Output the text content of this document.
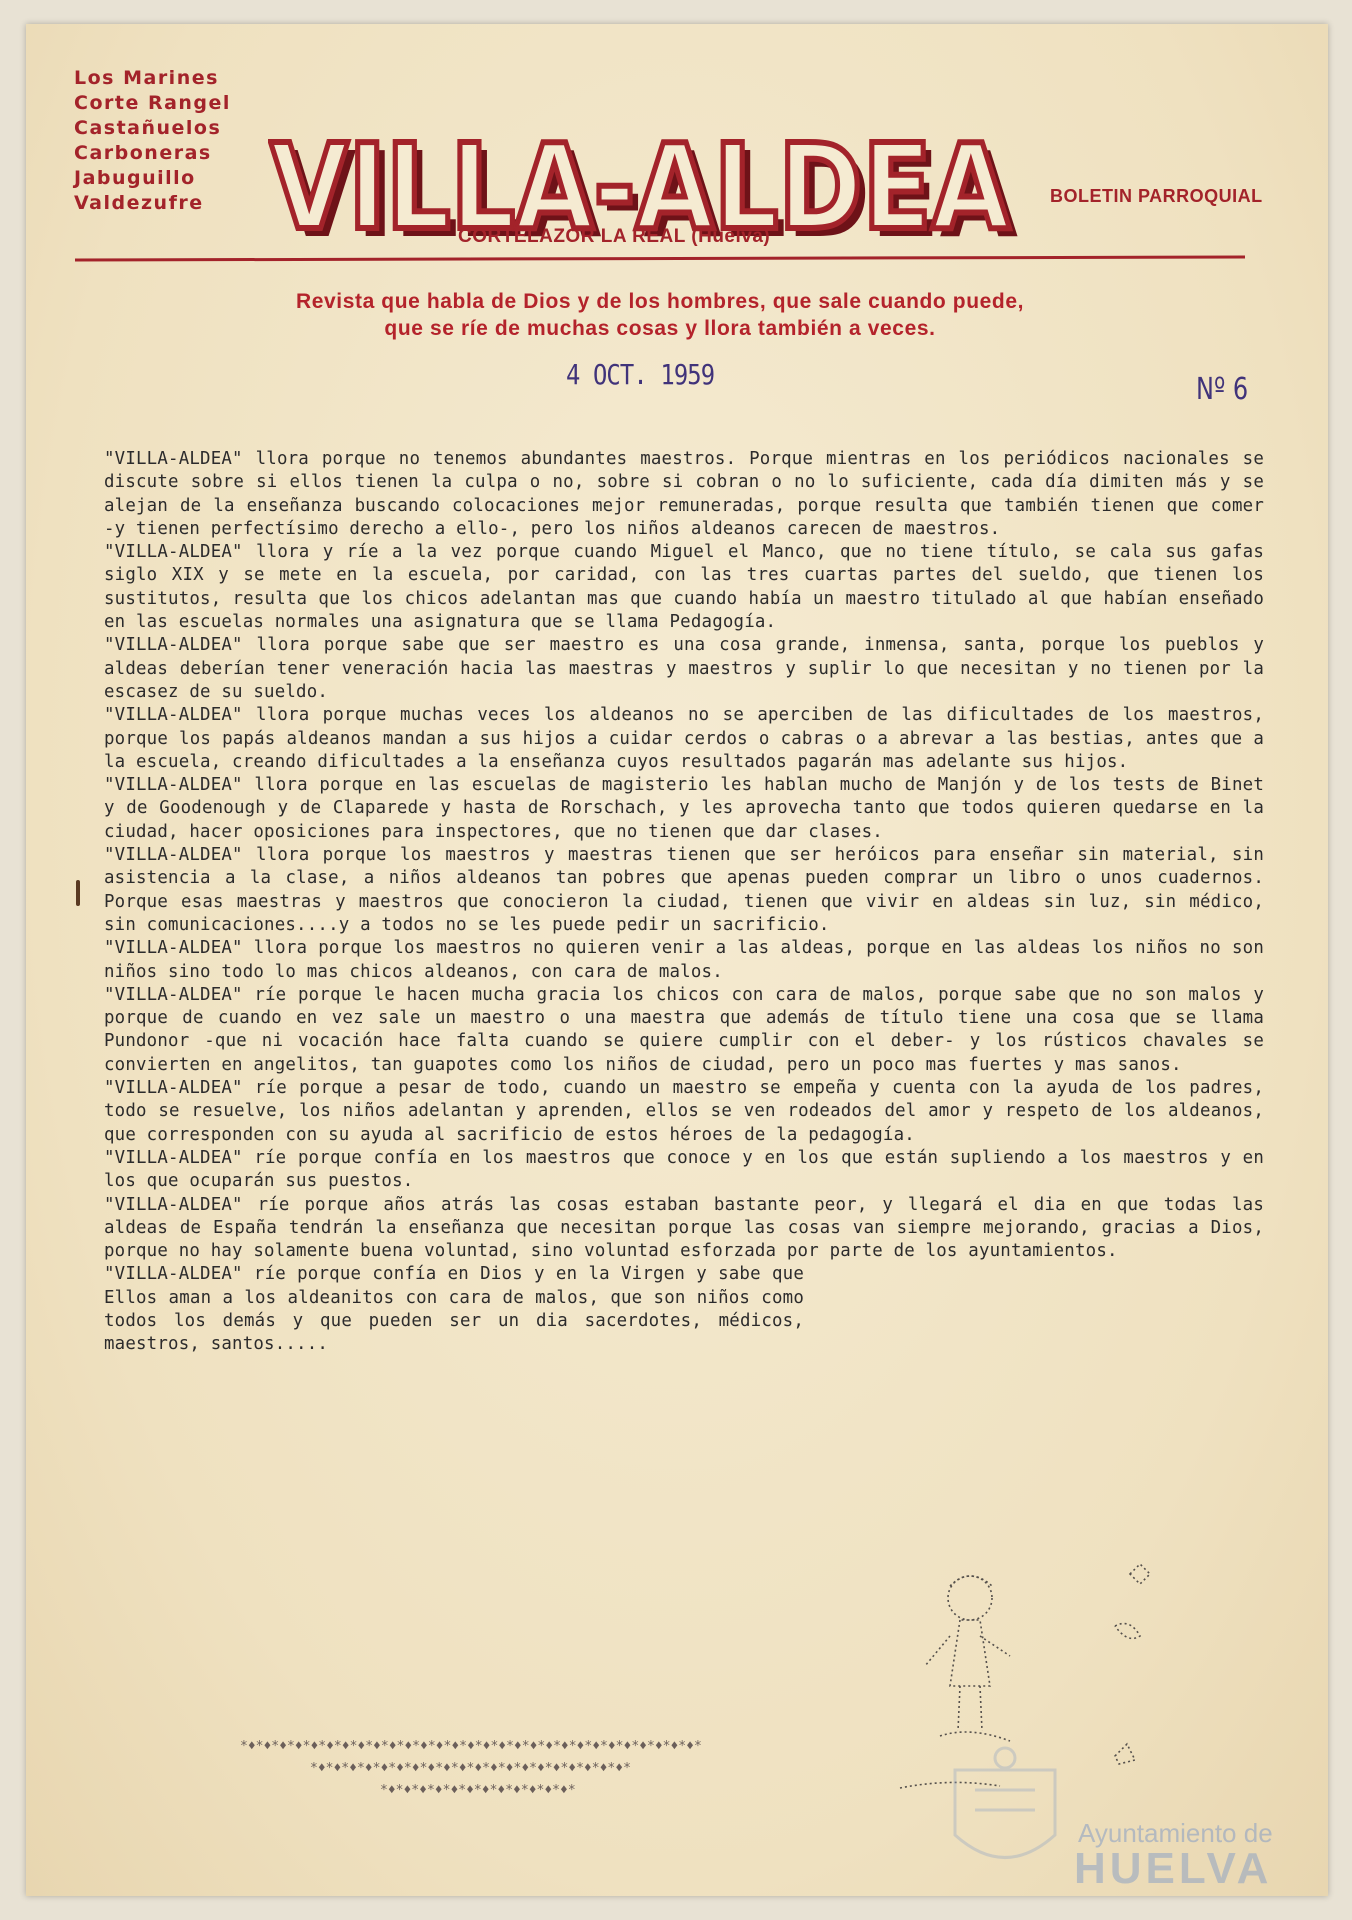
Los Marines
Corte Rangel
Castañuelos
Carboneras
Jabuguillo
Valdezufre VILLA-ALDEA
VILLA-ALDEA
VILLA-ALDEA BOLETIN PARROQUIAL
CORTELAZOR LA REAL (Huelva)
Revista que habla de Dios y de los hombres, que sale cuando puede,
que se ríe de muchas cosas y llora también a veces.
4 OCT. 1959	Nº 6

"VILLA-ALDEA" llora porque no tenemos abundantes maestros. Porque mientras en los periódicos nacionales se discute sobre si ellos tienen la culpa o no, sobre si cobran o no lo suficiente, cada día dimiten más y se alejan de la enseñanza buscando colocaciones mejor remuneradas, porque resulta que también tienen que comer -y tienen perfectísimo derecho a ello-, pero los niños aldeanos carecen de maestros.

"VILLA-ALDEA" llora y ríe a la vez porque cuando Miguel el Manco, que no tiene título, se cala sus gafas siglo XIX y se mete en la escuela, por caridad, con las tres cuartas partes del sueldo, que tienen los sustitutos, resulta que los chicos adelantan mas que cuando había un maestro titulado al que habían enseñado en las escuelas normales una asignatura que se llama Pedagogía.

"VILLA-ALDEA" llora porque sabe que ser maestro es una cosa grande, inmensa, santa, porque los pueblos y aldeas deberían tener veneración hacia las maestras y maestros y suplir lo que necesitan y no tienen por la escasez de su sueldo.

"VILLA-ALDEA" llora porque muchas veces los aldeanos no se aperciben de las dificultades de los maestros, porque los papás aldeanos mandan a sus hijos a cuidar cerdos o cabras o a abrevar a las bestias, antes que a la escuela, creando dificultades a la enseñanza cuyos resultados pagarán mas adelante sus hijos.

"VILLA-ALDEA" llora porque en las escuelas de magisterio les hablan mucho de Manjón y de los tests de Binet y de Goodenough y de Claparede y hasta de Rorschach, y les aprovecha tanto que todos quieren quedarse en la ciudad, hacer oposiciones para inspectores, que no tienen que dar clases.

"VILLA-ALDEA" llora porque los maestros y maestras tienen que ser heróicos para enseñar sin material, sin asistencia a la clase, a niños aldeanos tan pobres que apenas pueden comprar un libro o unos cuadernos. Porque esas maestras y maestros que conocieron la ciudad, tienen que vivir en aldeas sin luz, sin médico, sin comunicaciones....y a todos no se les puede pedir un sacrificio.

"VILLA-ALDEA" llora porque los maestros no quieren venir a las aldeas, porque en las aldeas los niños no son niños sino todo lo mas chicos aldeanos, con cara de malos.

"VILLA-ALDEA" ríe porque le hacen mucha gracia los chicos con cara de malos, porque sabe que no son malos y porque de cuando en vez sale un maestro o una maestra que además de título tiene una cosa que se llama Pundonor -que ni vocación hace falta cuando se quiere cumplir con el deber- y los rústicos chavales se convierten en angelitos, tan guapotes como los niños de ciudad, pero un poco mas fuertes y mas sanos.

"VILLA-ALDEA" ríe porque a pesar de todo, cuando un maestro se empeña y cuenta con la ayuda de los padres, todo se resuelve, los niños adelantan y aprenden, ellos se ven rodeados del amor y respeto de los aldeanos, que corresponden con su ayuda al sacrificio de estos héroes de la pedagogía.

"VILLA-ALDEA" ríe porque confía en los maestros que conoce y en los que están supliendo a los maestros y en los que ocuparán sus puestos.

"VILLA-ALDEA" ríe porque años atrás las cosas estaban bastante peor, y llegará el dia en que todas las aldeas de España tendrán la enseñanza que necesitan porque las cosas van siempre mejorando, gracias a Dios, porque no hay solamente buena voluntad, sino voluntad esforzada por parte de los ayuntamientos.

"VILLA-ALDEA" ríe porque confía en Dios y en la Virgen y sabe que Ellos aman a los aldeanitos con cara de malos, que son niños como todos los demás y que pueden ser un dia sacerdotes, médicos, maestros, santos.....

*♦*♦*♦*♦*♦*♦*♦*♦*♦*♦*♦*♦*♦*♦*♦*♦*♦*♦*♦*♦*♦*♦*♦*♦*♦*♦*♦*♦*♦*
*♦*♦*♦*♦*♦*♦*♦*♦*♦*♦*♦*♦*♦*♦*♦*♦*♦*♦*♦*♦*
*♦*♦*♦*♦*♦*♦*♦*♦*♦*♦*♦*♦*
Ayuntamiento de
HUELVA
